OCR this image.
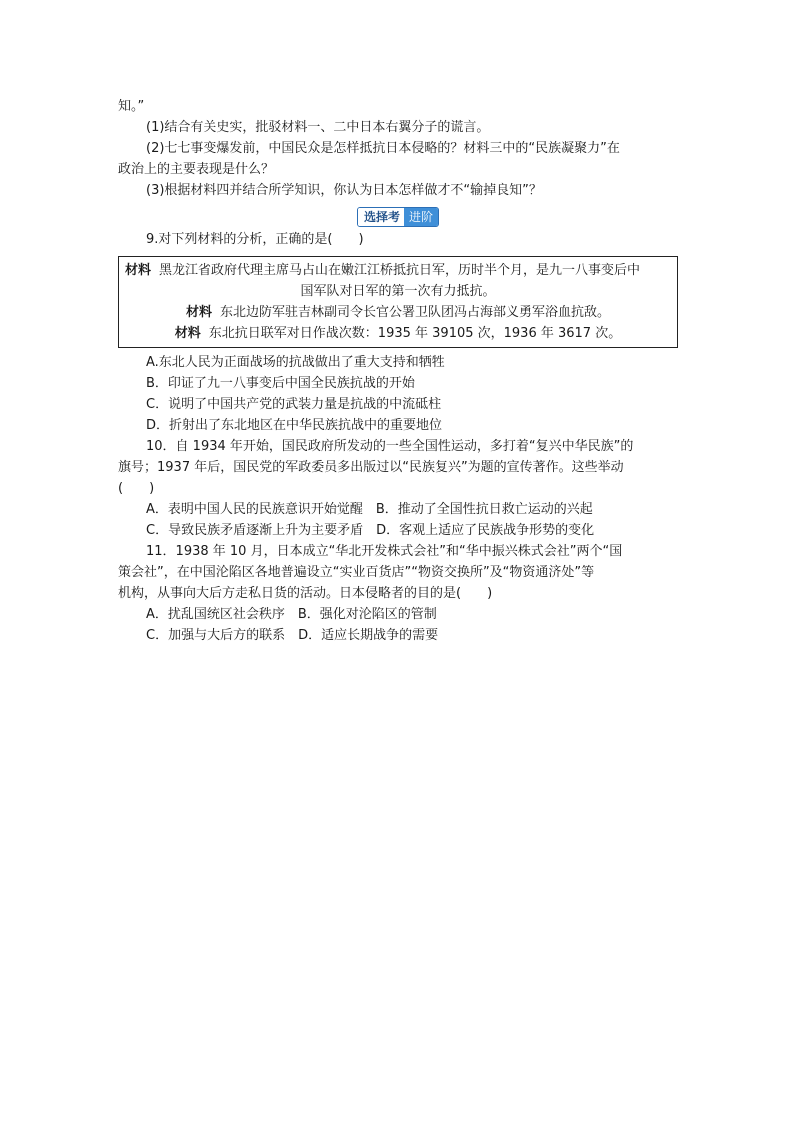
知。”

(1)结合有关史实，批驳材料一、二中日本右翼分子的谎言。

(2)七七事变爆发前，中国民众是怎样抵抗日本侵略的？材料三中的“民族凝聚力”在

政治上的主要表现是什么？

(3)根据材料四并结合所学知识，你认为日本怎样做才不“输掉良知”？

选择考 进阶

9.对下列材料的分析，正确的是(　　)

材料 黑龙江省政府代理主席马占山在嫩江江桥抵抗日军，历时半个月，是九一八事变后中

国军队对日军的第一次有力抵抗。

材料 东北边防军驻吉林副司令长官公署卫队团冯占海部义勇军浴血抗敌。

材料 东北抗日联军对日作战次数：1935 年 39105 次，1936 年 3617 次。

A.东北人民为正面战场的抗战做出了重大支持和牺牲

B．印证了九一八事变后中国全民族抗战的开始

C．说明了中国共产党的武装力量是抗战的中流砥柱

D．折射出了东北地区在中华民族抗战中的重要地位

10．自 1934 年开始，国民政府所发动的一些全国性运动，多打着“复兴中华民族”的

旗号；1937 年后，国民党的军政委员多出版过以“民族复兴”为题的宣传著作。这些举动

(　　)

A．表明中国人民的民族意识开始觉醒　B．推动了全国性抗日救亡运动的兴起

C．导致民族矛盾逐渐上升为主要矛盾　D．客观上适应了民族战争形势的变化

11．1938 年 10 月，日本成立“华北开发株式会社”和“华中振兴株式会社”两个“国

策会社”，在中国沦陷区各地普遍设立“实业百货店”“物资交换所”及“物资通济处”等

机构，从事向大后方走私日货的活动。日本侵略者的目的是(　　)

A．扰乱国统区社会秩序　B．强化对沦陷区的管制

C．加强与大后方的联系　D．适应长期战争的需要
